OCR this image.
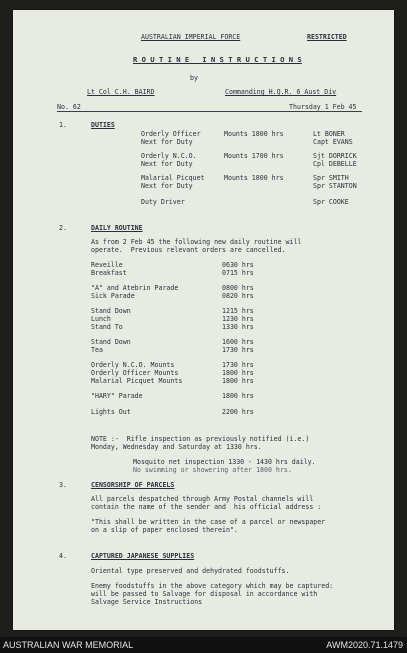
AUSTRALIAN IMPERIAL FORCE	RESTRICTED
R O U T I N E   I N S T R U C T I O N S
by
Lt Col C.H. BAIRD	Commanding H.Q.R. 6 Aust Div
No. 62	Thursday 1 Feb 45
1.	DUTIES
2.	DAILY ROUTINE
As from 2 Feb 45 the following new daily routine will
operate.  Previous relevant orders are cancelled.
NOTE :-  Rifle inspection as previously notified (i.e.)
Monday, Wednesday and Saturday at 1330 hrs.
Mosquito net inspection 1330 - 1430 hrs daily.
No swimming or showering after 1800 hrs.
3.	CENSORSHIP OF PARCELS
All parcels despatched through Army Postal channels will
contain the name of the sender and  his official address :
"This shall be written in the case of a parcel or newspaper
on a slip of paper enclosed therein".
4.	CAPTURED JAPANESE SUPPLIES
Oriental type preserved and dehydrated foodstuffs.
Enemy foodstuffs in the above category which may be captured:
will be passed to Salvage for disposal in accordance with
Salvage Service Instructions
Orderly Officer	Mounts 1800 hrs	Lt BONER
Next for Duty	Capt EVANS
Orderly N.C.O.	Mounts 1700 hrs	Sjt DORRICK
Next for Duty	Cpl DEBELLE
Malarial Picquet	Mounts 1800 hrs	Spr SMITH
Next for Duty	Spr STANTON
Duty Driver	Spr COOKE
Reveille	0630 hrs
Breakfast	0715 hrs
"A" and Atebrin Parade	0800 hrs
Sick Parade	0820 hrs
Stand Down	1215 hrs
Lunch	1230 hrs
Stand To	1330 hrs
Stand Down	1600 hrs
Tea	1730 hrs
Orderly N.C.O. Mounts	1730 hrs
Orderly Officer Mounts	1800 hrs
Malarial Picquet Mounts	1800 hrs
"HARY" Parade	1800 hrs
Lights Out	2200 hrs
AUSTRALIAN WAR MEMORIAL	AWM2020.71.1479
